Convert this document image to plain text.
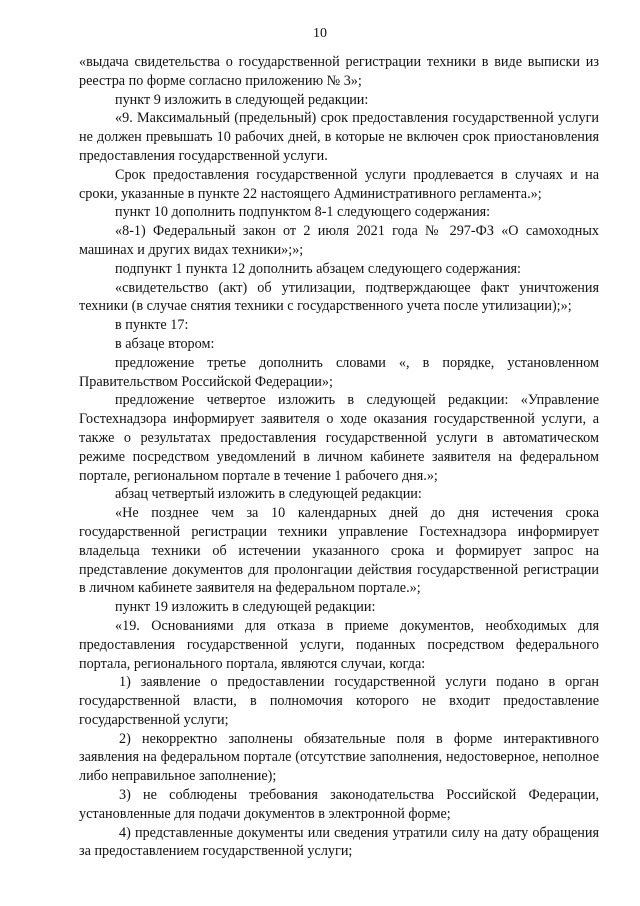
10

«выдача свидетельства о государственной регистрации техники в виде выписки из реестра по форме согласно приложению № 3»;

пункт 9 изложить в следующей редакции:

«9. Максимальный (предельный) срок предоставления государственной услуги не должен превышать 10 рабочих дней, в которые не включен срок приостановления предоставления государственной услуги.

Срок предоставления государственной услуги продлевается в случаях и на сроки, указанные в пункте 22 настоящего Административного регламента.»;

пункт 10 дополнить подпунктом 8-1 следующего содержания:

«8-1) Федеральный закон от 2 июля 2021 года № 297-ФЗ «О самоходных машинах и других видах техники»;»;

подпункт 1 пункта 12 дополнить абзацем следующего содержания:

«свидетельство (акт) об утилизации, подтверждающее факт уничтожения техники (в случае снятия техники с государственного учета после утилизации);»;

в пункте 17:

в абзаце втором:

предложение третье дополнить словами «, в порядке, установленном Правительством Российской Федерации»;

предложение четвертое изложить в следующей редакции: «Управление Гостехнадзора информирует заявителя о ходе оказания государственной услуги, а также о результатах предоставления государственной услуги в автоматическом режиме посредством уведомлений в личном кабинете заявителя на федеральном портале, региональном портале в течение 1 рабочего дня.»;

абзац четвертый изложить в следующей редакции:

«Не позднее чем за 10 календарных дней до дня истечения срока государственной регистрации техники управление Гостехнадзора информирует владельца техники об истечении указанного срока и формирует запрос на представление документов для пролонгации действия государственной регистрации в личном кабинете заявителя на федеральном портале.»;

пункт 19 изложить в следующей редакции:

«19. Основаниями для отказа в приеме документов, необходимых для предоставления государственной услуги, поданных посредством федерального портала, регионального портала, являются случаи, когда:

1) заявление о предоставлении государственной услуги подано в орган государственной власти, в полномочия которого не входит предоставление государственной услуги;

2) некорректно заполнены обязательные поля в форме интерактивного заявления на федеральном портале (отсутствие заполнения, недостоверное, неполное либо неправильное заполнение);

3) не соблюдены требования законодательства Российской Федерации, установленные для подачи документов в электронной форме;

4) представленные документы или сведения утратили силу на дату обращения за предоставлением государственной услуги;
